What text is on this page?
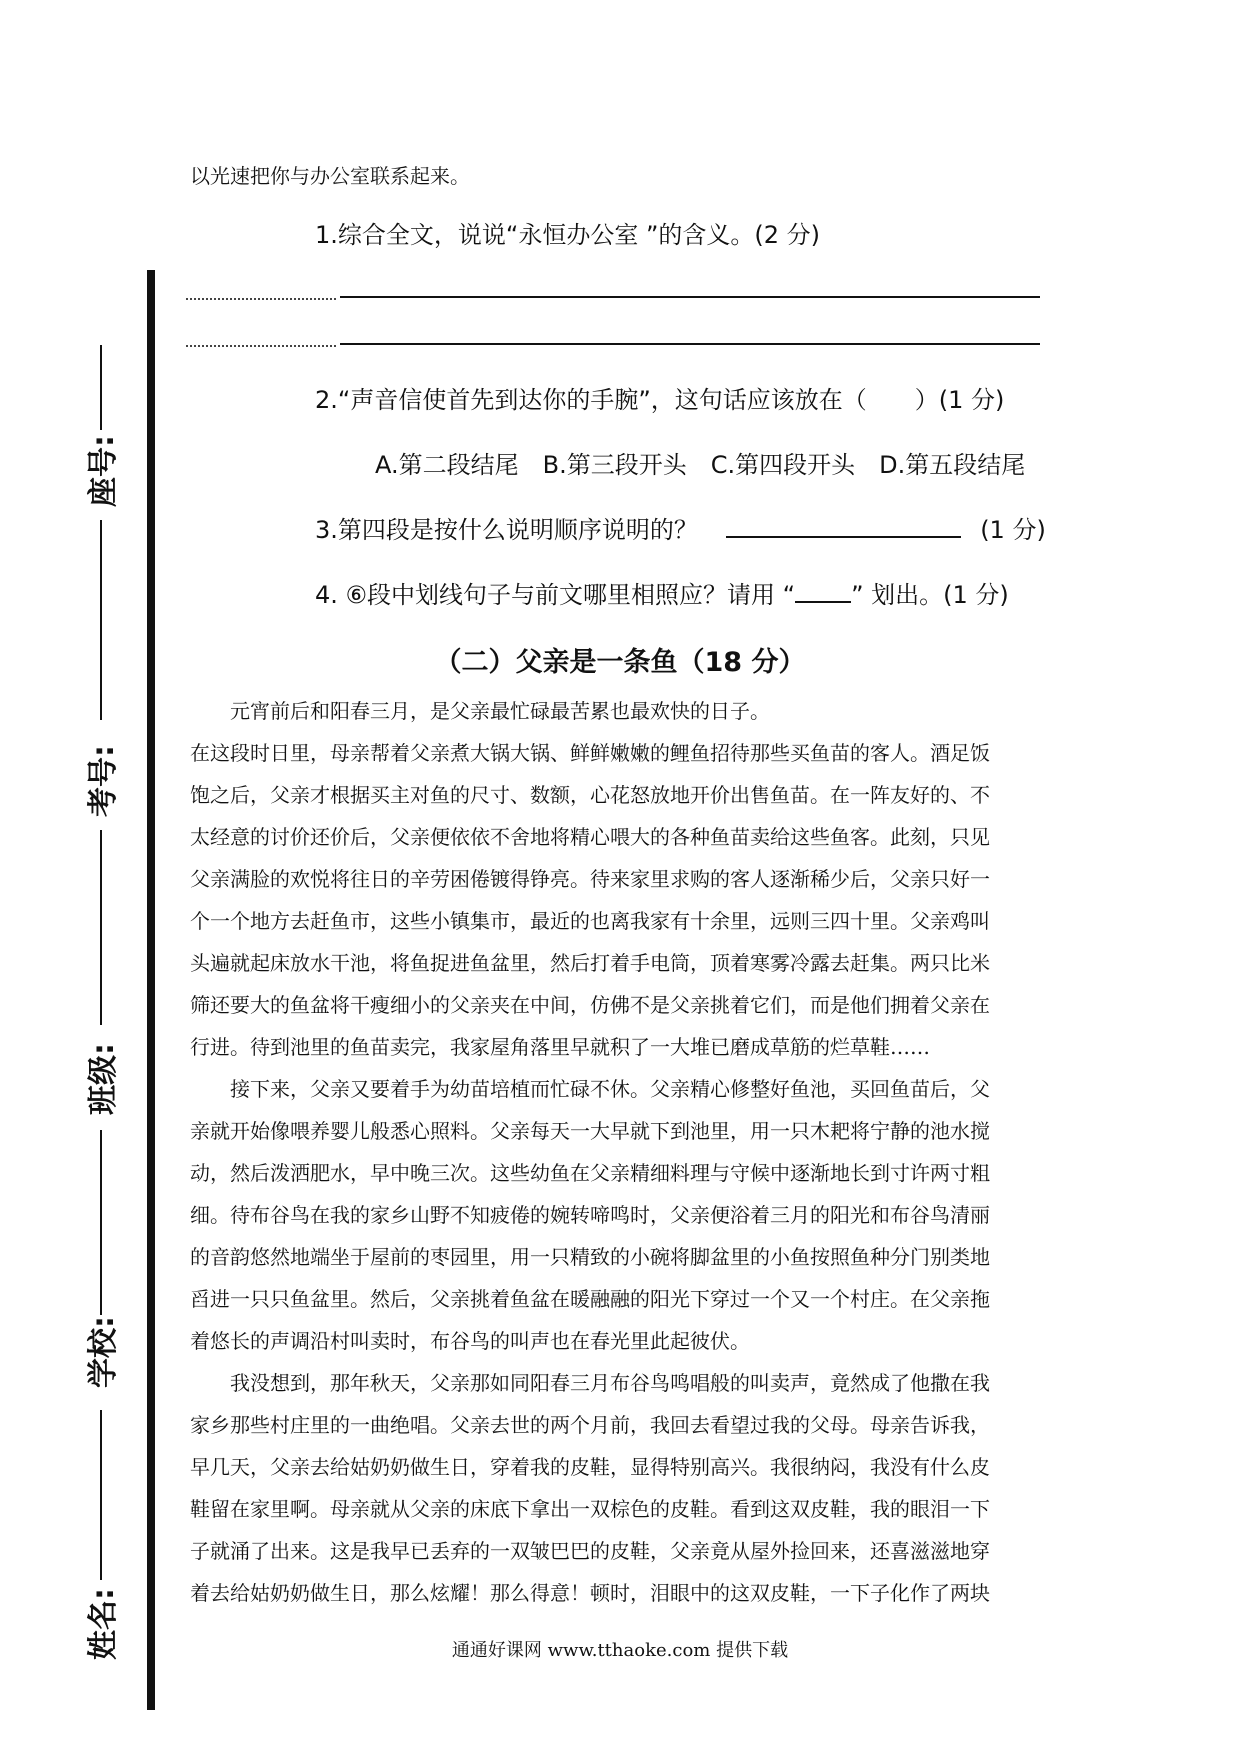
座号:
考号:
班级:
学校:
姓名:
以光速把你与办公室联系起来。
1.综合全文，说说“永恒办公室 ”的含义。(2 分)
2.“声音信使首先到达你的手腕”，这句话应该放在（　　）(1 分)
A.第二段结尾　B.第三段开头　C.第四段开头　D.第五段结尾
3.第四段是按什么说明顺序说明的？	(1 分)
4. ⑥段中划线句子与前文哪里相照应？请用 “ ” 划出。(1 分)
（二）父亲是一条鱼（18 分）
　　元宵前后和阳春三月，是父亲最忙碌最苦累也最欢快的日子。
在这段时日里，母亲帮着父亲煮大锅大锅、鲜鲜嫩嫩的鲤鱼招待那些买鱼苗的客人。酒足饭
饱之后，父亲才根据买主对鱼的尺寸、数额，心花怒放地开价出售鱼苗。在一阵友好的、不
太经意的讨价还价后，父亲便依依不舍地将精心喂大的各种鱼苗卖给这些鱼客。此刻，只见
父亲满脸的欢悦将往日的辛劳困倦镀得铮亮。待来家里求购的客人逐渐稀少后，父亲只好一
个一个地方去赶鱼市，这些小镇集市，最近的也离我家有十余里，远则三四十里。父亲鸡叫
头遍就起床放水干池，将鱼捉进鱼盆里，然后打着手电筒，顶着寒雾冷露去赶集。两只比米
筛还要大的鱼盆将干瘦细小的父亲夹在中间，仿佛不是父亲挑着它们，而是他们拥着父亲在
行进。待到池里的鱼苗卖完，我家屋角落里早就积了一大堆已磨成草筋的烂草鞋……
　　接下来，父亲又要着手为幼苗培植而忙碌不休。父亲精心修整好鱼池，买回鱼苗后，父
亲就开始像喂养婴儿般悉心照料。父亲每天一大早就下到池里，用一只木耙将宁静的池水搅
动，然后泼洒肥水，早中晚三次。这些幼鱼在父亲精细料理与守候中逐渐地长到寸许两寸粗
细。待布谷鸟在我的家乡山野不知疲倦的婉转啼鸣时，父亲便浴着三月的阳光和布谷鸟清丽
的音韵悠然地端坐于屋前的枣园里，用一只精致的小碗将脚盆里的小鱼按照鱼种分门别类地
舀进一只只鱼盆里。然后，父亲挑着鱼盆在暖融融的阳光下穿过一个又一个村庄。在父亲拖
着悠长的声调沿村叫卖时，布谷鸟的叫声也在春光里此起彼伏。
　　我没想到，那年秋天，父亲那如同阳春三月布谷鸟鸣唱般的叫卖声，竟然成了他撒在我
家乡那些村庄里的一曲绝唱。父亲去世的两个月前，我回去看望过我的父母。母亲告诉我，
早几天，父亲去给姑奶奶做生日，穿着我的皮鞋，显得特别高兴。我很纳闷，我没有什么皮
鞋留在家里啊。母亲就从父亲的床底下拿出一双棕色的皮鞋。看到这双皮鞋，我的眼泪一下
子就涌了出来。这是我早已丢弃的一双皱巴巴的皮鞋，父亲竟从屋外捡回来，还喜滋滋地穿
着去给姑奶奶做生日，那么炫耀！那么得意！顿时，泪眼中的这双皮鞋，一下子化作了两块
通通好课网 www.tthaoke.com 提供下载
